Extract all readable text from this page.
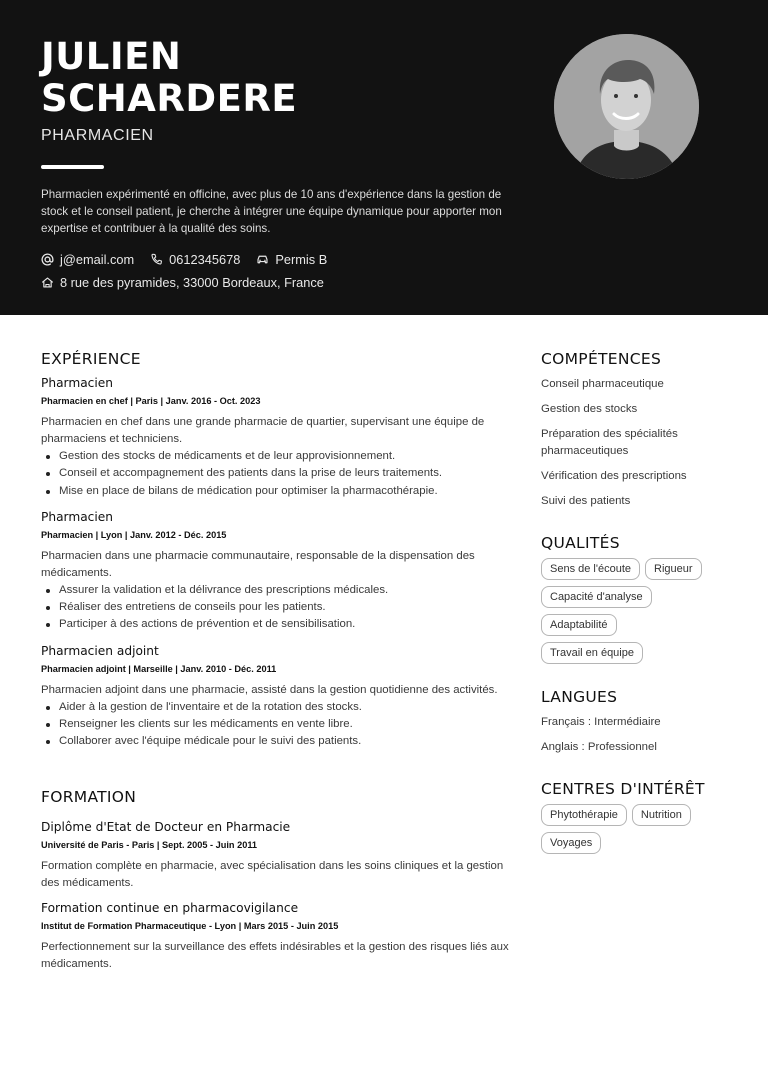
JULIEN
SCHARDERE
PHARMACIEN
Pharmacien expérimenté en officine, avec plus de 10 ans d'expérience dans la gestion de stock et le conseil patient, je cherche à intégrer une équipe dynamique pour apporter mon expertise et contribuer à la qualité des soins.
j@email.com	0612345678	Permis B
8 rue des pyramides, 33000 Bordeaux, France
EXPÉRIENCE
Pharmacien
Pharmacien en chef | Paris | Janv. 2016 - Oct. 2023
Pharmacien en chef dans une grande pharmacie de quartier, supervisant une équipe de pharmaciens et techniciens.
Gestion des stocks de médicaments et de leur approvisionnement.
Conseil et accompagnement des patients dans la prise de leurs traitements.
Mise en place de bilans de médication pour optimiser la pharmacothérapie.
Pharmacien
Pharmacien | Lyon | Janv. 2012 - Déc. 2015
Pharmacien dans une pharmacie communautaire, responsable de la dispensation des médicaments.
Assurer la validation et la délivrance des prescriptions médicales.
Réaliser des entretiens de conseils pour les patients.
Participer à des actions de prévention et de sensibilisation.
Pharmacien adjoint
Pharmacien adjoint | Marseille | Janv. 2010 - Déc. 2011
Pharmacien adjoint dans une pharmacie, assisté dans la gestion quotidienne des activités.
Aider à la gestion de l'inventaire et de la rotation des stocks.
Renseigner les clients sur les médicaments en vente libre.
Collaborer avec l'équipe médicale pour le suivi des patients.
FORMATION
Diplôme d'Etat de Docteur en Pharmacie
Université de Paris - Paris | Sept. 2005 - Juin 2011
Formation complète en pharmacie, avec spécialisation dans les soins cliniques et la gestion des médicaments.
Formation continue en pharmacovigilance
Institut de Formation Pharmaceutique - Lyon | Mars 2015 - Juin 2015
Perfectionnement sur la surveillance des effets indésirables et la gestion des risques liés aux médicaments.
COMPÉTENCES
Conseil pharmaceutique
Gestion des stocks
Préparation des spécialités pharmaceutiques
Vérification des prescriptions
Suivi des patients
QUALITÉS
Sens de l'écoute	Rigueur
Capacité d'analyse
Adaptabilité
Travail en équipe
LANGUES
Français : Intermédiaire
Anglais : Professionnel
CENTRES D'INTÉRÊT
Phytothérapie	Nutrition
Voyages
